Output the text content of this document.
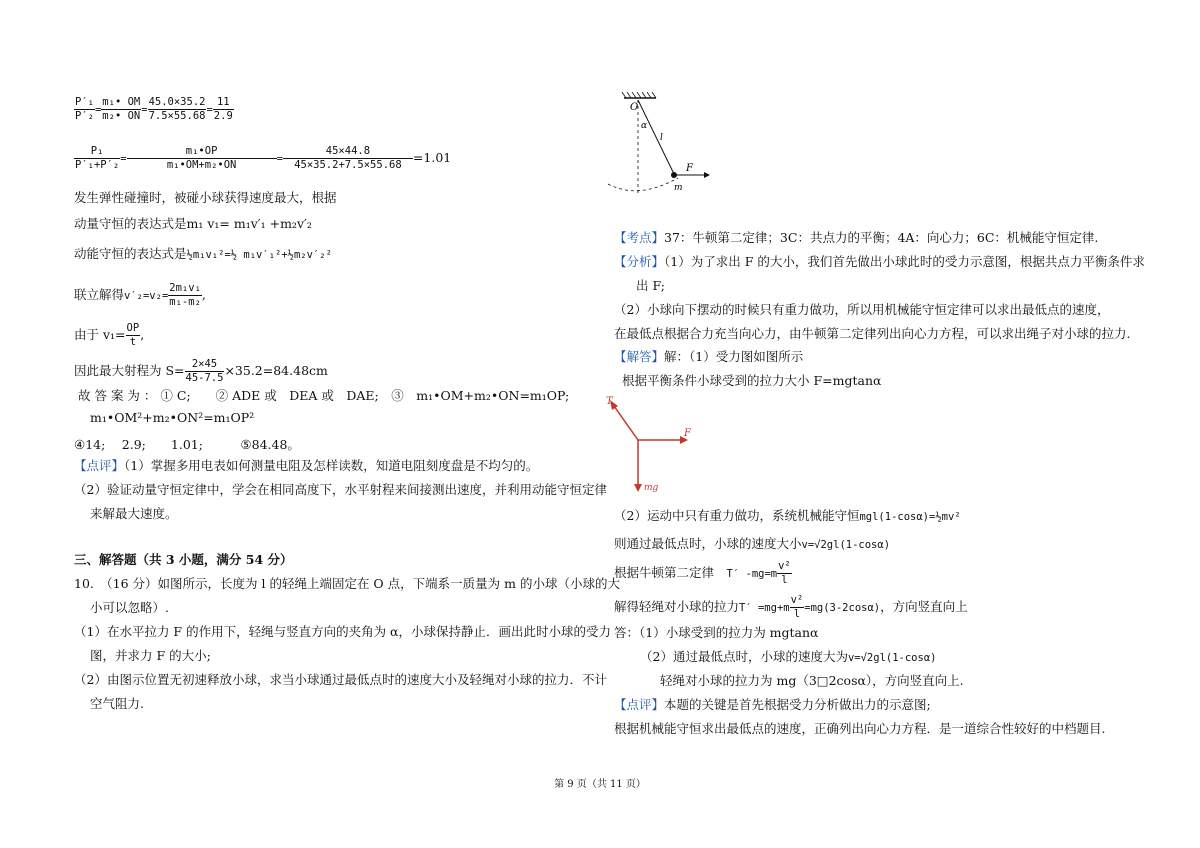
$\frac{\text{P′₁}}{\text{P′₂}} = \frac{\text{m₁• OM}}{\text{m₂• ON}} = \frac{45.0\times 35.2}{7.5\times 55.68} = \frac{11}{2.9}$
$\frac{\text{P₁}}{\text{P′₁+P′₂}} = \frac{\text{m₁•OP}}{\text{m₁•OM+m₂•ON}} = \frac{45\times 44.8}{45\times 35.2+7.5\times 55.68} =1.01$
发生弹性碰撞时，被碰小球获得速度最大，根据
动量守恒的表达式是m₁ v₁= m₁v′₁ +m₂v′₂
动能守恒的表达式是½m₁v₁²=½ m₁v′₁²+½m₂v′₂²
联立解得$v'_2=v_2= \frac{\text{2m₁v₁}}{\text{m₁-m₂}}$ ,
由于 $v_1= \frac{OP}{t}$ ,
因此最大射程为 $S= \frac{2\times 45}{45-7.5} \times 35.2=84.48cm$
故 答 案 为 ： ① C;　　② ADE 或　DEA 或　DAE;　③　m₁•OM+m₂•ON=m₁OP;
m₁•OM²+m₂•ON²=m₁OP²
④14;　 2.9;　　1.01;　　　⑤84.48。
【点评】（1）掌握多用电表如何测量电阻及怎样读数，知道电阻刻度盘是不均匀的。
（2）验证动量守恒定律中，学会在相同高度下，水平射程来间接测出速度，并利用动能守恒定律
来解最大速度。
三、解答题（共 3 小题，满分 54 分）
10.　（16 分）如图所示，长度为 l 的轻绳上端固定在 O 点，下端系一质量为 m 的小球（小球的大
小可以忽略）.
（1）在水平拉力 F 的作用下，轻绳与竖直方向的夹角为 α，小球保持静止．画出此时小球的受力
图，并求力 F 的大小;
（2）由图示位置无初速释放小球，求当小球通过最低点时的速度大小及轻绳对小球的拉力．不计
空气阻力.
O
α
l
F
m
【考点】37：牛顿第二定律；3C：共点力的平衡；4A：向心力；6C：机械能守恒定律.
【分析】（1）为了求出 F 的大小，我们首先做出小球此时的受力示意图，根据共点力平衡条件求
出 F;
（2）小球向下摆动的时候只有重力做功，所以用机械能守恒定律可以求出最低点的速度，
在最低点根据合力充当向心力，由牛顿第二定律列出向心力方程，可以求出绳子对小球的拉力.
【解答】解：（1）受力图如图所示
根据平衡条件小球受到的拉力大小 F=mgtanα
T
F
mg
（2）运动中只有重力做功，系统机械能守恒mgl(1-cosα)=½mv²
则通过最低点时，小球的速度大小v=√2gl(1-cosα)
根据牛顿第二定律　 T′ $-mg=m \frac{\text{v²}}{l}$
解得轻绳对小球的拉力$T' =mg+m \frac{\text{v²}}{l} =mg(3-2\cos\alpha)$，方向竖直向上
答：（1）小球受到的拉力为 mgtanα
（2）通过最低点时，小球的速度大为v=√2gl(1-cosα)
轻绳对小球的拉力为 mg（3□2cosα），方向竖直向上.
【点评】本题的关键是首先根据受力分析做出力的示意图;
根据机械能守恒求出最低点的速度，正确列出向心力方程．是一道综合性较好的中档题目.
第 9 页（共 11 页）
